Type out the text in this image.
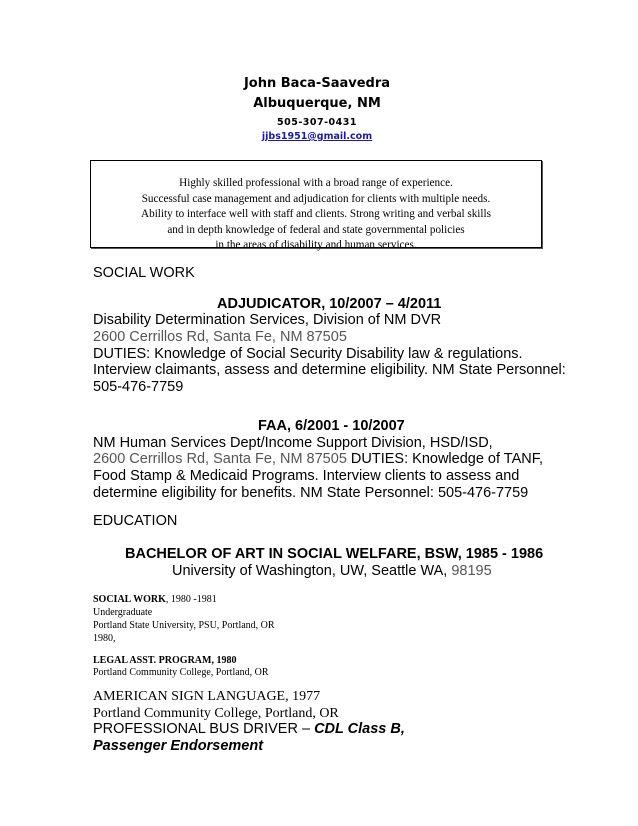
John Baca-Saavedra
Albuquerque, NM
505-307-0431
jjbs1951@gmail.com
Highly skilled professional with a broad range of experience.
Successful case management and adjudication for clients with multiple needs.
Ability to interface well with staff and clients. Strong writing and verbal skills
and in depth knowledge of federal and state governmental policies
in the areas of disability and human services.
SOCIAL WORK
ADJUDICATOR, 10/2007 – 4/2011
Disability Determination Services, Division of NM DVR
2600 Cerrillos Rd, Santa Fe, NM 87505
DUTIES: Knowledge of Social Security Disability law & regulations.
Interview claimants, assess and determine eligibility. NM State Personnel:
505-476-7759
FAA, 6/2001 - 10/2007
NM Human Services Dept/Income Support Division, HSD/ISD,
2600 Cerrillos Rd, Santa Fe, NM 87505 DUTIES: Knowledge of TANF,
Food Stamp & Medicaid Programs. Interview clients to assess and
determine eligibility for benefits. NM State Personnel: 505-476-7759
EDUCATION
BACHELOR OF ART IN SOCIAL WELFARE, BSW, 1985 - 1986
University of Washington, UW, Seattle WA, 98195
SOCIAL WORK, 1980 -1981
Undergraduate
Portland State University, PSU, Portland, OR
1980,
LEGAL ASST. PROGRAM, 1980
Portland Community College, Portland, OR
AMERICAN SIGN LANGUAGE, 1977
Portland Community College, Portland, OR
PROFESSIONAL BUS DRIVER – CDL Class B,
Passenger Endorsement
